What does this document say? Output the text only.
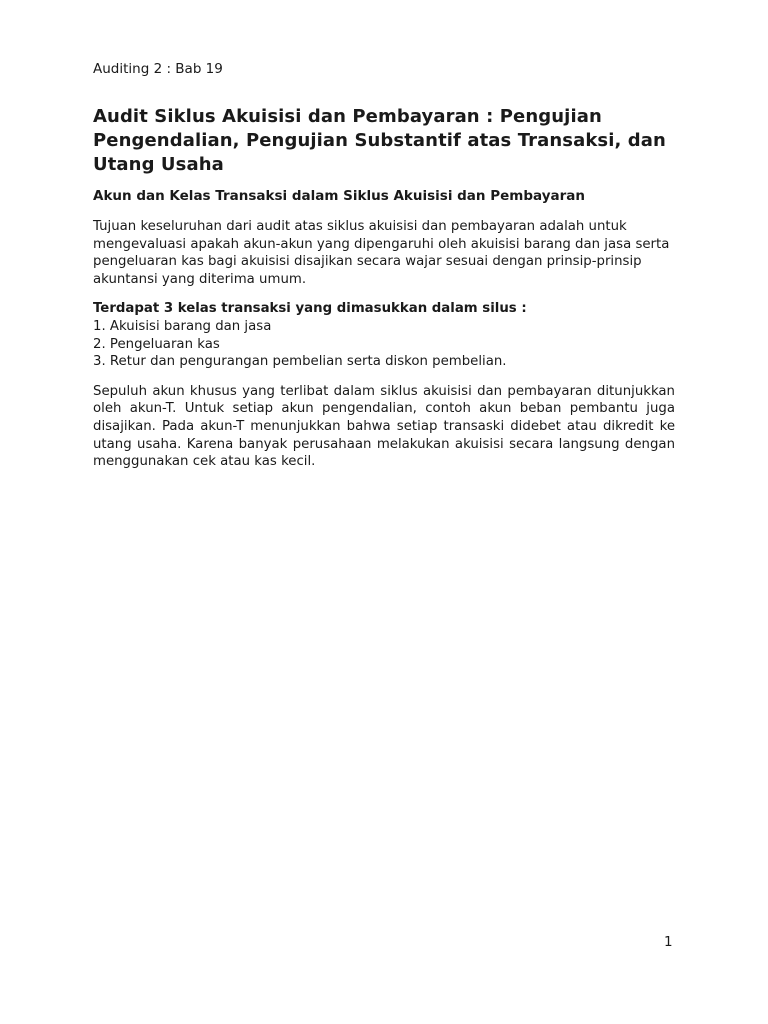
Auditing 2 : Bab 19
Audit Siklus Akuisisi dan Pembayaran : Pengujian Pengendalian, Pengujian Substantif atas Transaksi, dan Utang Usaha
Akun dan Kelas Transaksi dalam Siklus Akuisisi dan Pembayaran

Tujuan keseluruhan dari audit atas siklus akuisisi dan pembayaran adalah untuk mengevaluasi apakah akun-akun yang dipengaruhi oleh akuisisi barang dan jasa serta pengeluaran kas bagi akuisisi disajikan secara wajar sesuai dengan prinsip-prinsip akuntansi yang diterima umum.

Terdapat 3 kelas transaksi yang dimasukkan dalam silus :

1. Akuisisi barang dan jasa
2. Pengeluaran kas
3. Retur dan pengurangan pembelian serta diskon pembelian.

Sepuluh akun khusus yang terlibat dalam siklus akuisisi dan pembayaran ditunjukkan oleh akun-T. Untuk setiap akun pengendalian, contoh akun beban pembantu juga disajikan. Pada akun-T menunjukkan bahwa setiap transaski didebet atau dikredit ke utang usaha. Karena banyak perusahaan melakukan akuisisi secara langsung dengan menggunakan cek atau kas kecil.

1
